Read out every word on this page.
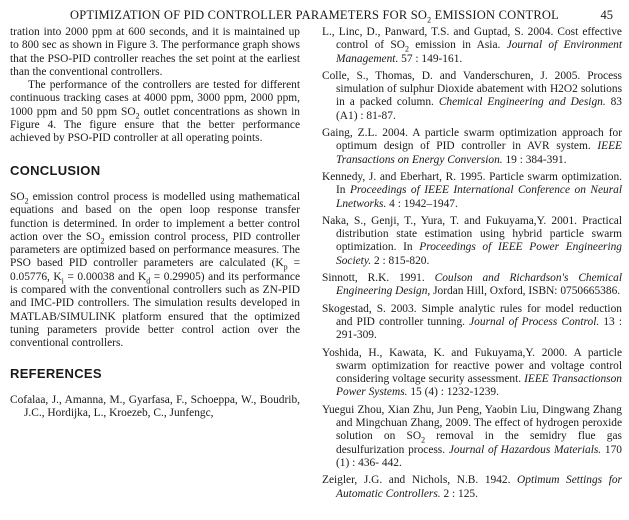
OPTIMIZATION OF PID CONTROLLER PARAMETERS FOR $SO_2$ EMISSION CONTROL	45

tration into 2000 ppm at 600 seconds, and it is maintained up to 800 sec as shown in Figure 3. The performance graph shows that the PSO-PID controller reaches the set point at the earliest than the conventional controllers.

The performance of the controllers are tested for different continuous tracking cases at 4000 ppm, 3000 ppm, 2000 ppm, 1000 ppm and 50 ppm $SO_2$ outlet concentrations as shown in Figure 4. The figure ensure that the better performance achieved by PSO-PID controller at all operating points.

CONCLUSION

$SO_2$ emission control process is modelled using mathematical equations and based on the open loop response transfer function is determined. In order to implement a better control action over the $SO_2$ emission control process, PID controller parameters are optimized based on performance measures. The PSO based PID controller parameters are calculated ($K_p = 0.05776$, $K_i = 0.00038$ and $K_d = 0.29905$) and its performance is compared with the conventional controllers such as ZN-PID and IMC-PID controllers. The simulation results developed in MATLAB/SIMULINK platform ensured that the optimized tuning parameters provide better control action over the conventional controllers.

REFERENCES

Cofalaa, J., Amanna, M., Gyarfasa, F., Schoeppa, W., Boudrib, J.C., Hordijka, L., Kroezeb, C., Junfengc,

L., Linc, D., Panward, T.S. and Guptad, S. 2004. Cost effective control of $SO_2$ emission in Asia. Journal of Environment Management. 57 : 149-161.

Colle, S., Thomas, D. and Vanderschuren, J. 2005. Process simulation of sulphur Dioxide abatement with H2O2 solutions in a packed column. Chemical Engineering and Design. 83 (A1) : 81-87.

Gaing, Z.L. 2004. A particle swarm optimization approach for optimum design of PID controller in AVR system. IEEE Transactions on Energy Conversion. 19 : 384-391.

Kennedy, J. and Eberhart, R. 1995. Particle swarm optimization. In Proceedings of IEEE International Conference on Neural Lnetworks. 4 : 1942–1947.

Naka, S., Genji, T., Yura, T. and Fukuyama,Y. 2001. Practical distribution state estimation using hybrid particle swarm optimization. In Proceedings of IEEE Power Engineering Society. 2 : 815-820.

Sinnott, R.K. 1991. Coulson and Richardson's Chemical Engineering Design, Jordan Hill, Oxford, ISBN: 0750665386.

Skogestad, S. 2003. Simple analytic rules for model reduction and PID controller tunning. Journal of Process Control. 13 : 291-309.

Yoshida, H., Kawata, K. and Fukuyama,Y. 2000. A particle swarm optimization for reactive power and voltage control considering voltage security assessment. IEEE Transactionson Power Systems. 15 (4) : 1232-1239.

Yuegui Zhou, Xian Zhu, Jun Peng, Yaobin Liu, Dingwang Zhang and Mingchuan Zhang, 2009. The effect of hydrogen peroxide solution on $SO_2$ removal in the semidry flue gas desulfurization process. Journal of Hazardous Materials. 170 (1) : 436- 442.

Zeigler, J.G. and Nichols, N.B. 1942. Optimum Settings for Automatic Controllers. 2 : 125.
